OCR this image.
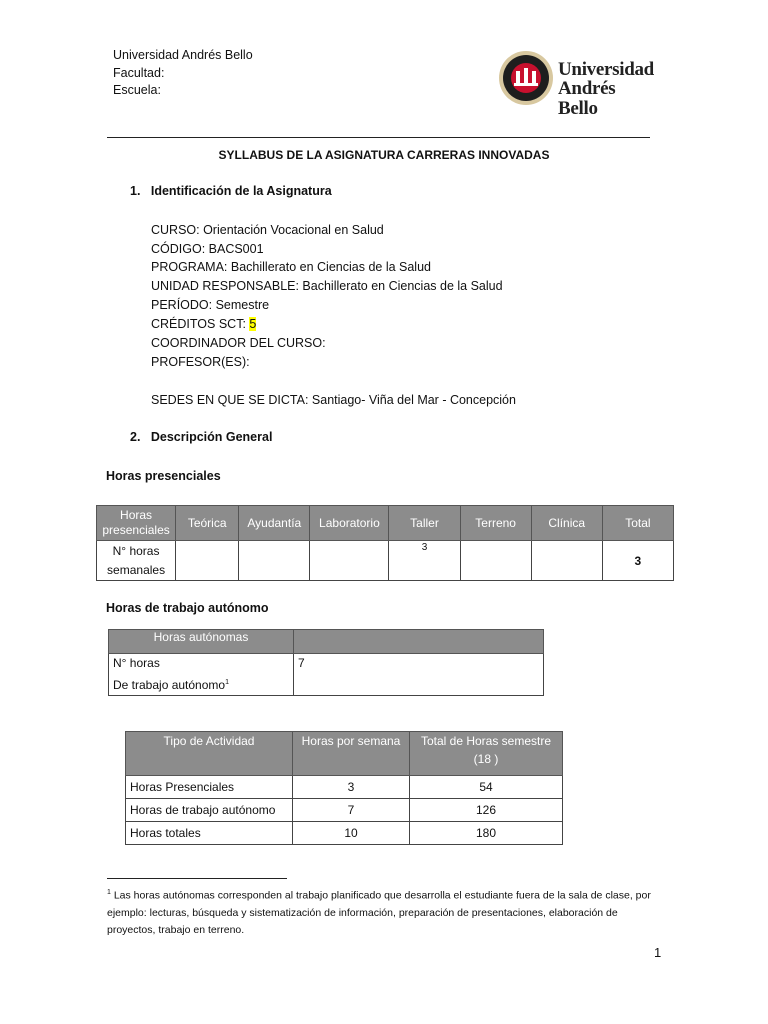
Universidad Andrés Bello
Facultad:
Escuela:
Universidad
Andrés Bello
SYLLABUS DE LA ASIGNATURA CARRERAS INNOVADAS
1.   Identificación de la Asignatura
CURSO: Orientación Vocacional en Salud
CÓDIGO: BACS001
PROGRAMA: Bachillerato en Ciencias de la Salud
UNIDAD RESPONSABLE: Bachillerato en Ciencias de la Salud
PERÍODO: Semestre
CRÉDITOS SCT: 5
COORDINADOR DEL CURSO:
PROFESOR(ES):
SEDES EN QUE SE DICTA: Santiago- Viña del Mar - Concepción
2.   Descripción General
Horas presenciales
Horas presenciales	Teórica	Ayudantía	Laboratorio	Taller	Terreno	Clínica	Total
N° horas semanales				3			3
Horas de trabajo autónomo
Horas autónomas	
N° horas
De trabajo autónomo$^1$	7
Tipo de Actividad	Horas por semana	Total de Horas semestre (18 )
Horas Presenciales	3	54
Horas de trabajo autónomo	7	126
Horas totales	10	180
$^1$ Las horas autónomas corresponden al trabajo planificado que desarrolla el estudiante fuera de la sala de clase, por ejemplo: lecturas, búsqueda y sistematización de información, preparación de presentaciones, elaboración de proyectos, trabajo en terreno.
1
